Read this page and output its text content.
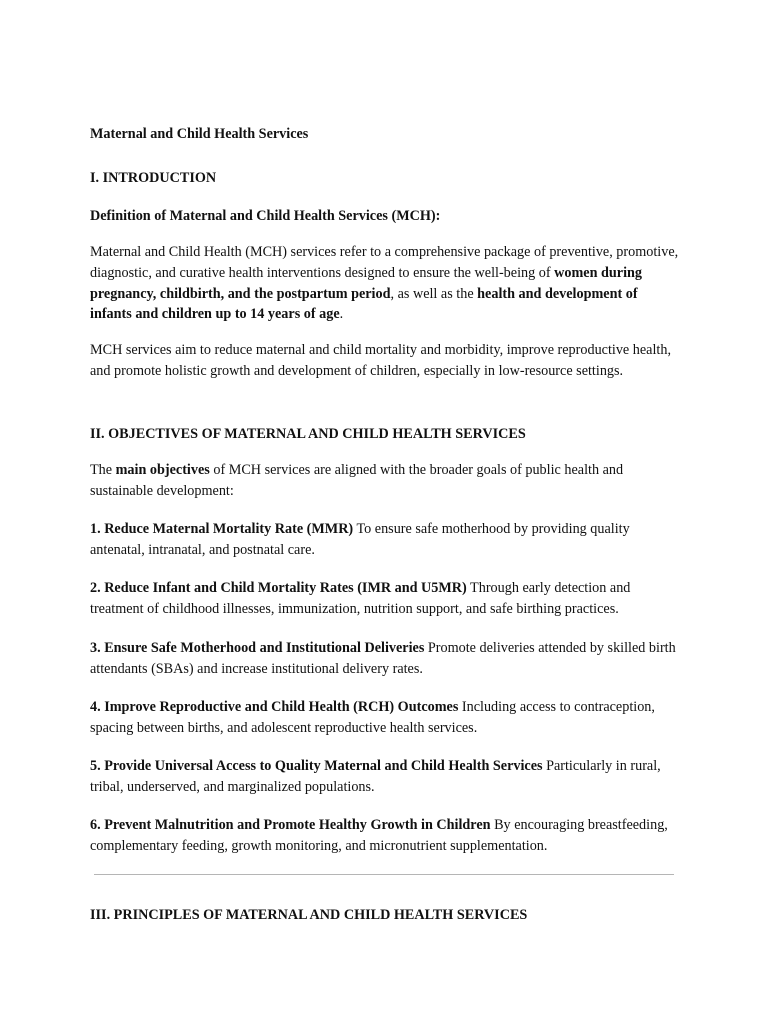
Maternal and Child Health Services

I. INTRODUCTION

Definition of Maternal and Child Health Services (MCH):

Maternal and Child Health (MCH) services refer to a comprehensive package of preventive, promotive, diagnostic, and curative health interventions designed to ensure the well-being of women during pregnancy, childbirth, and the postpartum period, as well as the health and development of infants and children up to 14 years of age.

MCH services aim to reduce maternal and child mortality and morbidity, improve reproductive health, and promote holistic growth and development of children, especially in low-resource settings.

II. OBJECTIVES OF MATERNAL AND CHILD HEALTH SERVICES

The main objectives of MCH services are aligned with the broader goals of public health and sustainable development:

1. Reduce Maternal Mortality Rate (MMR) To ensure safe motherhood by providing quality antenatal, intranatal, and postnatal care.

2. Reduce Infant and Child Mortality Rates (IMR and U5MR) Through early detection and treatment of childhood illnesses, immunization, nutrition support, and safe birthing practices.

3. Ensure Safe Motherhood and Institutional Deliveries Promote deliveries attended by skilled birth attendants (SBAs) and increase institutional delivery rates.

4. Improve Reproductive and Child Health (RCH) Outcomes Including access to contraception, spacing between births, and adolescent reproductive health services.

5. Provide Universal Access to Quality Maternal and Child Health Services Particularly in rural, tribal, underserved, and marginalized populations.

6. Prevent Malnutrition and Promote Healthy Growth in Children By encouraging breastfeeding, complementary feeding, growth monitoring, and micronutrient supplementation.

III. PRINCIPLES OF MATERNAL AND CHILD HEALTH SERVICES
